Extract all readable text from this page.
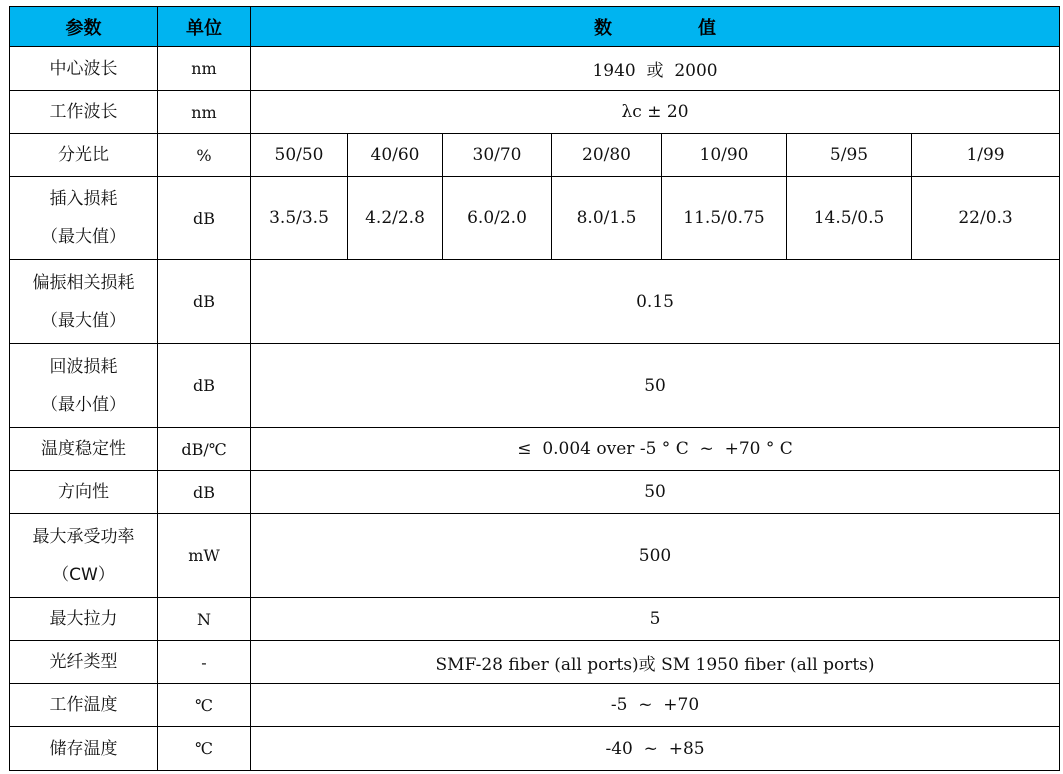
参数	单位	数 值						
中心波长	nm	1940  或  2000						
工作波长	nm	λc ± 20						
分光比	%	50/50	40/60	30/70	20/80	10/90	5/95	1/99

插入损耗
（最大值）	dB	3.5/3.5	4.2/2.8	6.0/2.0	8.0/1.5	11.5/0.75	14.5/0.5	22/0.3

偏振相关损耗
（最大值）	dB	0.15						

回波损耗
（最小值）	dB	50						
温度稳定性	dB/℃	≤  0.004 over -5 ° C  ~  +70 ° C						
方向性	dB	50						

最大承受功率
（CW）	mW	500						
最大拉力	N	5						
光纤类型	-	SMF-28 fiber (all ports)或 SM 1950 fiber (all ports)						
工作温度	℃	-5  ~  +70						
储存温度	℃	-40  ~  +85						
